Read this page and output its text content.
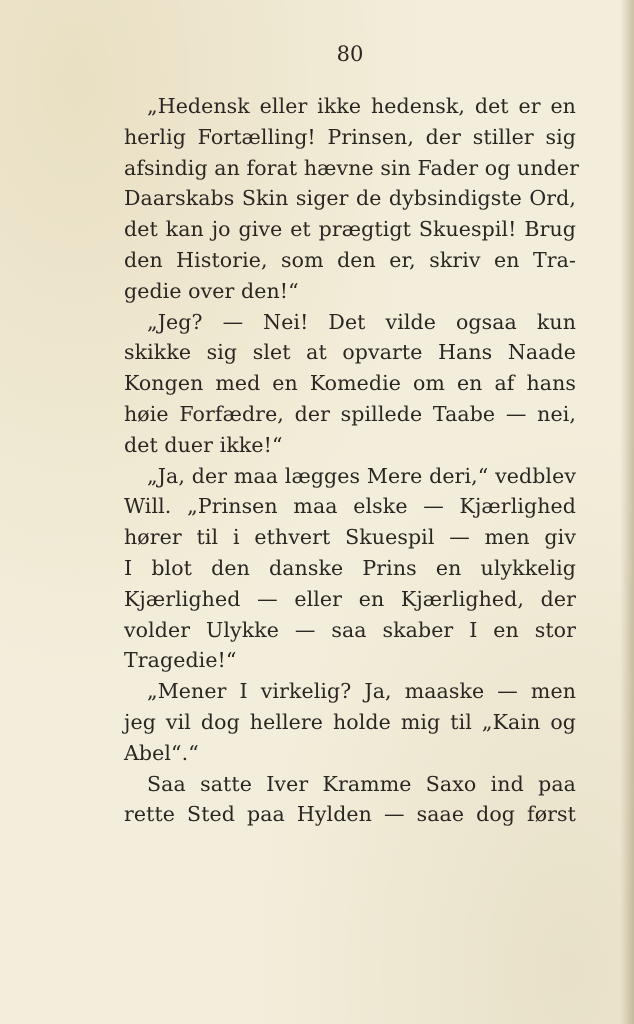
80
„Hedensk eller ikke hedensk, det er en
herlig Fortælling! Prinsen, der stiller sig
afsindig an forat hævne sin Fader og under
Daarskabs Skin siger de dybsindigste Ord,
det kan jo give et prægtigt Skuespil! Brug
den Historie, som den er, skriv en Tra-
gedie over den!“
„Jeg? — Nei! Det vilde ogsaa kun
skikke sig slet at opvarte Hans Naade
Kongen med en Komedie om en af hans
høie Forfædre, der spillede Taabe — nei,
det duer ikke!“
„Ja, der maa lægges Mere deri,“ vedblev
Will. „Prinsen maa elske — Kjærlighed
hører til i ethvert Skuespil — men giv
I blot den danske Prins en ulykkelig
Kjærlighed — eller en Kjærlighed, der
volder Ulykke — saa skaber I en stor
Tragedie!“
„Mener I virkelig? Ja, maaske — men
jeg vil dog hellere holde mig til „Kain og
Abel“.“
Saa satte Iver Kramme Saxo ind paa
rette Sted paa Hylden — saae dog først
